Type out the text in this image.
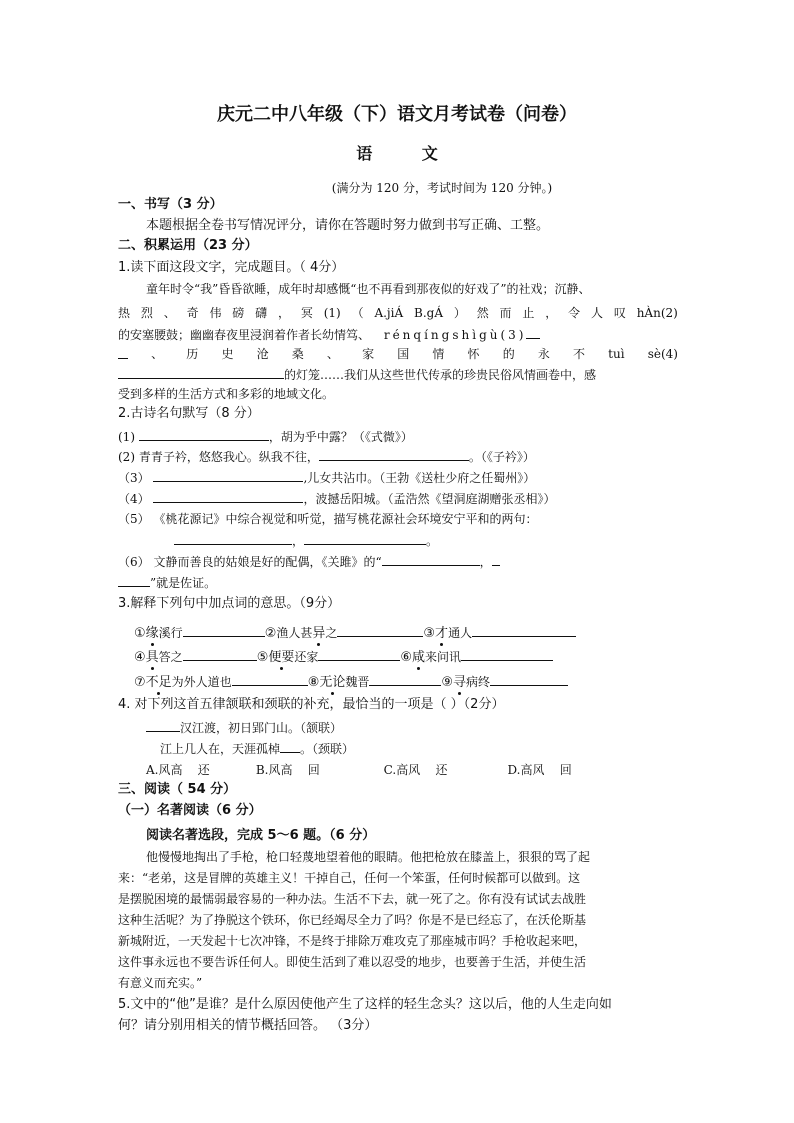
庆元二中八年级（下）语文月考试卷（问卷）
语 文
(满分为 120 分，考试时间为 120 分钟。)
一、书写（3 分）
本题根据全卷书写情况评分，请你在答题时努力做到书写正确、工整。
二、积累运用（23 分）
1.读下面这段文字，完成题目。（ 4分）
童年时令“我”昏昏欲睡，成年时却感慨“也不再看到那夜似的好戏了”的社戏；沉静、
热 烈 、 奇 伟 磅 礴 ， 冥 (1) （ A.jiÁ B.gÁ ） 然 而 止 ， 令 人 叹 hÀn(2)
的安塞腰鼓；幽幽春夜里浸润着作者长幼情笃、 rénqíngshìgù(3)
、 历 史 沧 桑 、 家 国 情 怀 的 永 不 tuì sè(4)
的灯笼……我们从这些世代传承的珍贵民俗风情画卷中，感
受到多样的生活方式和多彩的地域文化。
2.古诗名句默写（8 分）
(1)	，胡为乎中露？（《式微》）
(2) 青青子衿，悠悠我心。纵我不往，	。（《子衿》）
（3）	,儿女共沾巾。（王勃《送杜少府之任蜀州》）
（4）	，波撼岳阳城。（孟浩然《望洞庭湖赠张丞相》）
（5） 《桃花源记》中综合视觉和听觉，描写桃花源社会环境安宁平和的两句：
，	。
（6） 文静而善良的姑娘是好的配偶，《关雎》的“	，
”就是佐证。
3.解释下列句中加点词的意思。（9分）
①缘溪行	②渔人甚异之	③才通人
④具答之	⑤便要还家	⑥咸来问讯
⑦不足为外人道也	⑧无论魏晋	⑨寻病终
4. 对下列这首五律颔联和颈联的补充，最恰当的一项是（ ）（2分）
汉江渡，初日郢门山。（颔联）
江上几人在，天涯孤棹 。（颈联）
A.风高    还	B.风高    回	C.高风    还	D.高风    回
三、阅读（ 54 分）
（一）名著阅读（6 分）
阅读名著选段，完成 5～6 题。（6 分）
他慢慢地掏出了手枪，枪口轻蔑地望着他的眼睛。他把枪放在膝盖上，狠狠的骂了起
来：“老弟，这是冒牌的英雄主义！干掉自己，任何一个笨蛋，任何时候都可以做到。这
是摆脱困境的最懦弱最容易的一种办法。生活不下去，就一死了之。你有没有试试去战胜
这种生活呢？为了挣脱这个铁环，你已经竭尽全力了吗？你是不是已经忘了，在沃伦斯基
新城附近，一天发起十七次冲锋，不是终于排除万难攻克了那座城市吗？手枪收起来吧，
这件事永远也不要告诉任何人。即使生活到了难以忍受的地步，也要善于生活，并使生活
有意义而充实。”
5.文中的“他”是谁？是什么原因使他产生了这样的轻生念头？这以后，他的人生走向如
何？请分别用相关的情节概括回答。 （3分）
